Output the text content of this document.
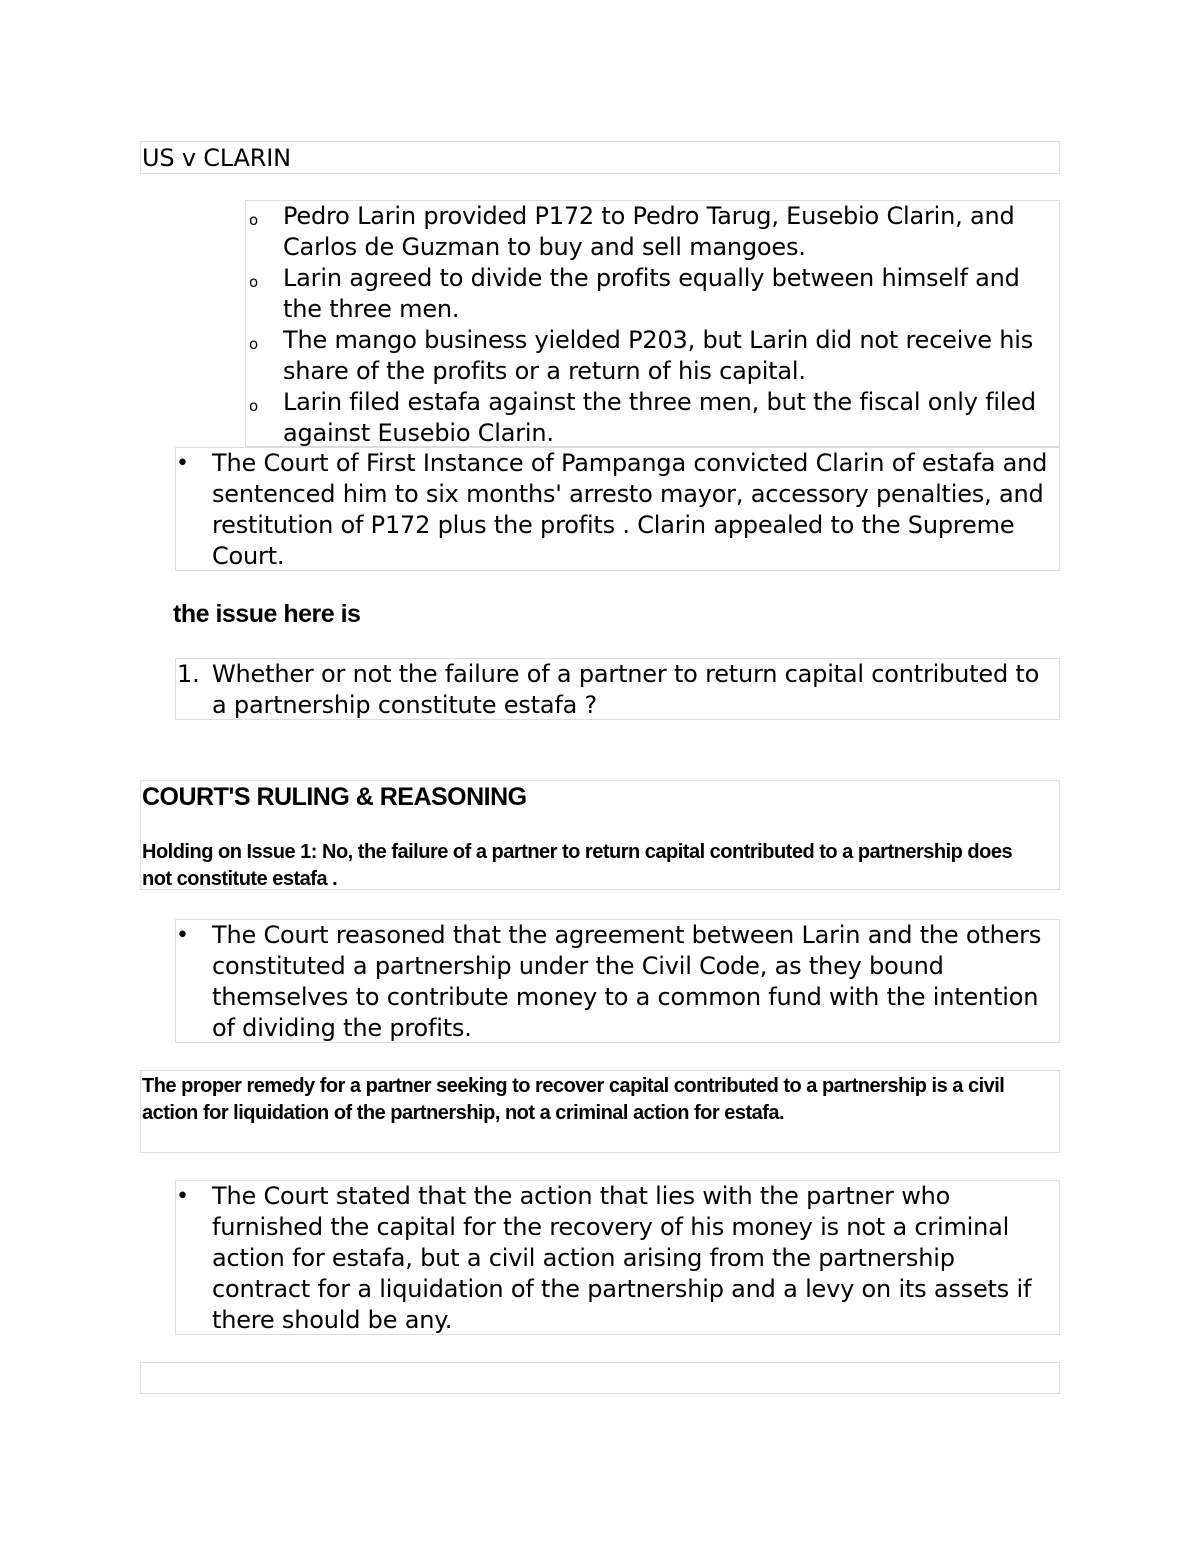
US v CLARIN
o Pedro Larin provided P172 to Pedro Tarug, Eusebio Clarin, and Carlos de Guzman to buy and sell mangoes.
o Larin agreed to divide the profits equally between himself and the three men.
o The mango business yielded P203, but Larin did not receive his share of the profits or a return of his capital.
o Larin filed estafa against the three men, but the fiscal only filed against Eusebio Clarin.
• The Court of First Instance of Pampanga convicted Clarin of estafa and sentenced him to six months' arresto mayor, accessory penalties, and restitution of P172 plus the profits . Clarin appealed to the Supreme Court.
the issue here is
1. Whether or not the failure of a partner to return capital contributed to a partnership constitute estafa ?
COURT'S RULING & REASONING
Holding on Issue 1: No, the failure of a partner to return capital contributed to a partnership does not constitute estafa .
• The Court reasoned that the agreement between Larin and the others constituted a partnership under the Civil Code, as they bound themselves to contribute money to a common fund with the intention of dividing the profits.
The proper remedy for a partner seeking to recover capital contributed to a partnership is a civil action for liquidation of the partnership, not a criminal action for estafa.
• The Court stated that the action that lies with the partner who furnished the capital for the recovery of his money is not a criminal action for estafa, but a civil action arising from the partnership contract for a liquidation of the partnership and a levy on its assets if there should be any.
